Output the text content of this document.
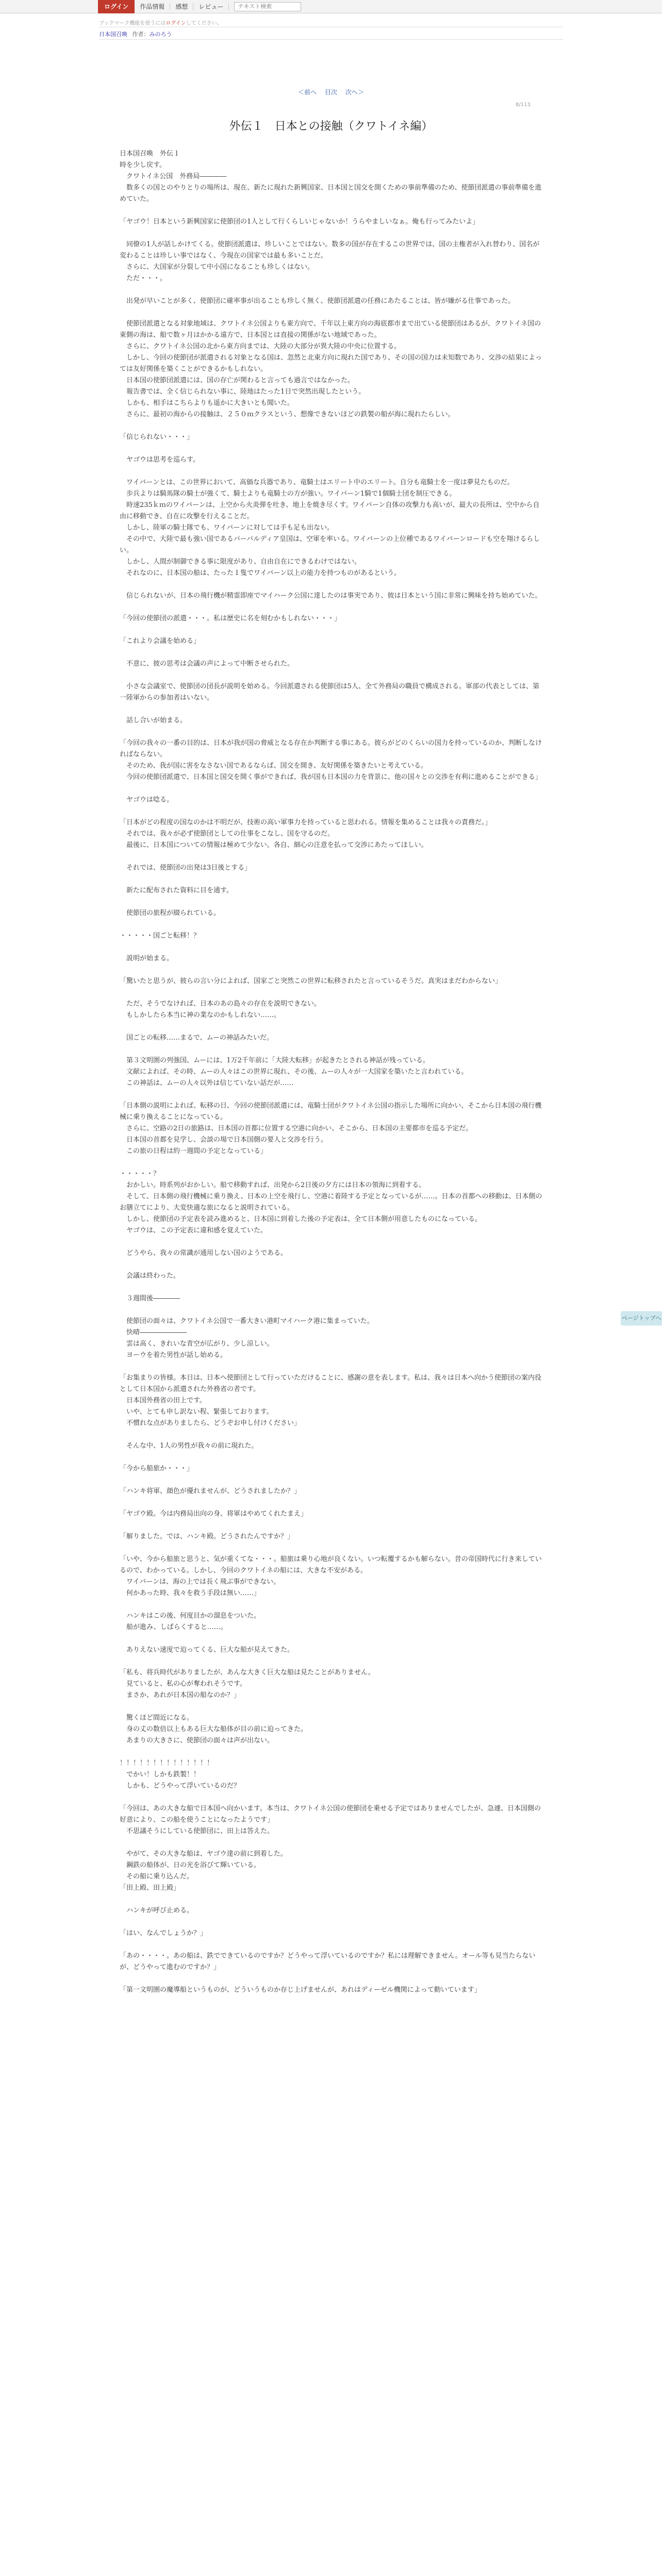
ログイン	作品情報	感想	レビュー
テキスト検索
ブックマーク機能を使うにはログインしてください。
日本国召喚 作者：みのろう
＜前へ 目次 次へ＞
8/113
外伝１　日本との接触（クワトイネ編）
日本国召喚　外伝１
時を少し戻す。
　クワトイネ公国　外務局――――
　数多くの国とのやりとりの場所は、現在、新たに現れた新興国家、日本国と国交を開くための事前準備のため、使節団派遣の事前準備を進めていた。
「ヤゴウ！日本という新興国家に使節団の1人として行くらしいじゃないか！うらやましいなぁ。俺も行ってみたいよ」
　同僚の1人が話しかけてくる。使節団派遣は、珍しいことではない。数多の国が存在するこの世界では、国の主権者が入れ替わり、国名が変わることは珍しい事ではなく、今現在の国家では最も多いことだ。
　さらに、大国家が分裂して中小国になることも珍しくはない。
　ただ・・・。
　出発が早いことが多く、使節団に確率事が出ることも珍しく無く、使節団派遣の任務にあたることは、皆が嫌がる仕事であった。
　使節団派遣となる対象地域は、クワトイネ公国よりも東方向で、千年以上東方向の海底都市まで出ている使節団はあるが、クワトイネ国の東側の海は、船で数ヶ月はかかる遠方で、日本国とは直接の関係がない地域であった。
　さらに、クワトイネ公国の北から東方向までは、大陸の大部分が異大陸の中央に位置する。
　しかし、今回の使節団が派遣される対象となる国は、忽然と北東方向に現れた国であり、その国の国力は未知数であり、交渉の結果によっては友好関係を築くことができるかもしれない。
　日本国の使節団派遣には、国の存亡が関わると言っても過言ではなかった。
　報告書では、全く信じられない事に、陸地はたった1日で突然出現したという。
　しかも、相手はこちらよりも遥かに大きいとも聞いた。
　さらに、最初の海からの接触は、２５０ｍクラスという、想像できないほどの鉄製の船が海に現れたらしい。
「信じられない・・・」
　ヤゴウは思考を巡らす。
　ワイバーンとは、この世界において、高価な兵器であり、竜騎士はエリート中のエリート。自分も竜騎士を一度は夢見たものだ。
　歩兵よりは騎馬隊の騎士が強くて、騎士よりも竜騎士の方が強い。ワイバーン1騎で1個騎士団を制圧できる。
　時速235ｋｍのワイバーンは、上空から火炎弾を吐き、地上を焼き尽くす。ワイバーン自体の攻撃力も高いが、最大の長所は、空中から自由に移動でき、自在に攻撃を行えることだ。
　しかし、陸軍の騎士隊でも、ワイバーンに対しては手も足も出ない。
　その中で、大陸で最も強い国であるパーパルディア皇国は、空軍を率いる。ワイバーンの上位種であるワイバーンロードも空を翔けるらしい。
　しかし、人間が制御できる事に限度があり、自由自在にできるわけではない。
　それなのに、日本国の船は、たった１隻でワイバーン以上の能力を持つものがあるという。
　信じられないが、日本の飛行機が精霊即座でマイハーク公国に達したのは事実であり、彼は日本という国に非常に興味を持ち始めていた。
「今回の使節団の派遣・・・。私は歴史に名を刻むかもしれない・・・」
「これより会議を始める」
　不意に、彼の思考は会議の声によって中断させられた。
　小さな会議室で、使節団の団長が説明を始める。今回派遣される使節団は5人、全て外務局の職員で構成される。軍部の代表としては、第一陸軍からの参加者はいない。
　話し合いが始まる。
「今回の我々の一番の目的は、日本が我が国の脅威となる存在か判断する事にある。彼らがどのくらいの国力を持っているのか、判断しなければならない。
　そのため、我が国に害をなさない国であるならば、国交を開き、友好関係を築きたいと考えている。
　今回の使節団派遣で、日本国と国交を開く事ができれば、我が国も日本国の力を背景に、他の国々との交渉を有利に進めることができる」
　ヤゴウは唸る。
「日本がどの程度の国なのかは不明だが、技術の高い軍事力を持っていると思われる。情報を集めることは我々の責務だ。」
　それでは、我々が必ず使節団としての仕事をこなし、国を守るのだ。
　最後に、日本国についての情報は極めて少ない。各自、細心の注意を払って交渉にあたってほしい。
　それでは、使節団の出発は3日後とする」
　新たに配布された資料に目を通す。
　使節団の旅程が綴られている。
・・・・・国ごと転移！？
　説明が始まる。
「驚いたと思うが、彼らの言い分によれば、国家ごと突然この世界に転移されたと言っているそうだ。真実はまだわからない」
　ただ、そうでなければ、日本のあの島々の存在を説明できない。
　もしかしたら本当に神の業なのかもしれない……。
　国ごとの転移……まるで、ムーの神話みたいだ。
　第３文明圏の列強国、ムーには、1万2千年前に「大陸大転移」が起きたとされる神話が残っている。
　文献によれば、その時、ムーの人々はこの世界に現れ、その後、ムーの人々が一大国家を築いたと言われている。
　この神話は、ムーの人々以外は信じていない話だが……
「日本側の説明によれば、転移の日、今回の使節団派遣には、竜騎士団がクワトイネ公国の指示した場所に向かい、そこから日本国の飛行機械に乗り換えることになっている。
　さらに、空路の2日の旅路は、日本国の首都に位置する空港に向かい、そこから、日本国の主要都市を巡る予定だ。
　日本国の首都を見学し、会談の場で日本国側の要人と交渉を行う。
　この旅の日程は約一週間の予定となっている」
・・・・・？
　おかしい。時系列がおかしい。船で移動すれば、出発から2日後の夕方には日本の領海に到着する。
　そして、日本側の飛行機械に乗り換え、日本の上空を飛行し、空港に着陸する予定となっているが……。日本の首都への移動は、日本側のお膳立てにより、大変快適な旅になると説明されている。
　しかし、使節団の予定表を読み進めると、日本国に到着した後の予定表は、全て日本側が用意したものになっている。
　ヤゴウは、この予定表に違和感を覚えていた。
　どうやら、我々の常識が通用しない国のようである。
　会議は終わった。
　３週間後――――
　使節団の面々は、クワトイネ公国で一番大きい港町マイハーク港に集まっていた。
　快晴―――――――
　雲は高く、きれいな青空が広がり、少し涼しい。
　ヨーウを着た男性が話し始める。
「お集まりの皆様。本日は、日本へ使節団として行っていただけることに、感謝の意を表します。私は、我々は日本へ向かう使節団の案内役として日本国から派遣された外務省の者です。
　日本国外務省の田上です。
　いや、とても申し訳ない程、緊張しております。
　不慣れな点がありましたら、どうぞお申し付けください」
　そんな中、1人の男性が我々の前に現れた。
「今から船旅か・・・」
「ハンキ将軍、顔色が優れませんが、どうされましたか？」
「ヤゴウ殿。今は内務局出向の身、将軍はやめてくれたまえ」
「解りました。では、ハンキ殿。どうされたんですか？」
「いや、今から船旅と思うと、気が重くてな・・・。船旅は乗り心地が良くない。いつ転覆するかも解らない。昔の帝国時代に行き来しているので、わかっている。しかし、今回のクワトイネの船には、大きな不安がある。
　ワイバーンは、海の上では長く飛ぶ事ができない。
　何かあった時、我々を救う手段は無い……」
　ハンキはこの後、何度目かの溜息をついた。
　船が進み、しばらくすると……。
　ありえない速度で迫ってくる、巨大な船が見えてきた。
「私も、将兵時代がありましたが、あんな大きく巨大な船は見たことがありません。
　見ていると、私の心が奪われそうです。
　まさか、あれが日本国の船なのか？」
　驚くほど間近になる。
　身の丈の数倍以上もある巨大な船体が目の前に迫ってきた。
　あまりの大きさに、使節団の面々は声が出ない。
！！！！！！！！！！！！！！
　でかい！しかも鉄製！！
　しかも、どうやって浮いているのだ？
「今回は、あの大きな船で日本国へ向かいます。本当は、クワトイネ公国の使節団を乗せる予定ではありませんでしたが、急遽、日本国側の好意により、この船を使うことになったようです」
　不思議そうにしている使節団に、田上は答えた。
　やがて、その大きな船は、ヤゴウ達の前に到着した。
　鋼鉄の船体が、日の光を浴びて輝いている。
　その船に乗り込んだ。
「田上殿、田上殿」
　ハンキが呼び止める。
「はい、なんでしょうか？」
「あの・・・・。あの船は、鉄でできているのですか？どうやって浮いているのですか？私には理解できません。オール等も見当たらないが、どうやって進むのですか？」

「第一文明圏の魔導船というものが、どういうものか存じ上げませんが、あれはディーゼル機関によって動いています」
ページトップへ
